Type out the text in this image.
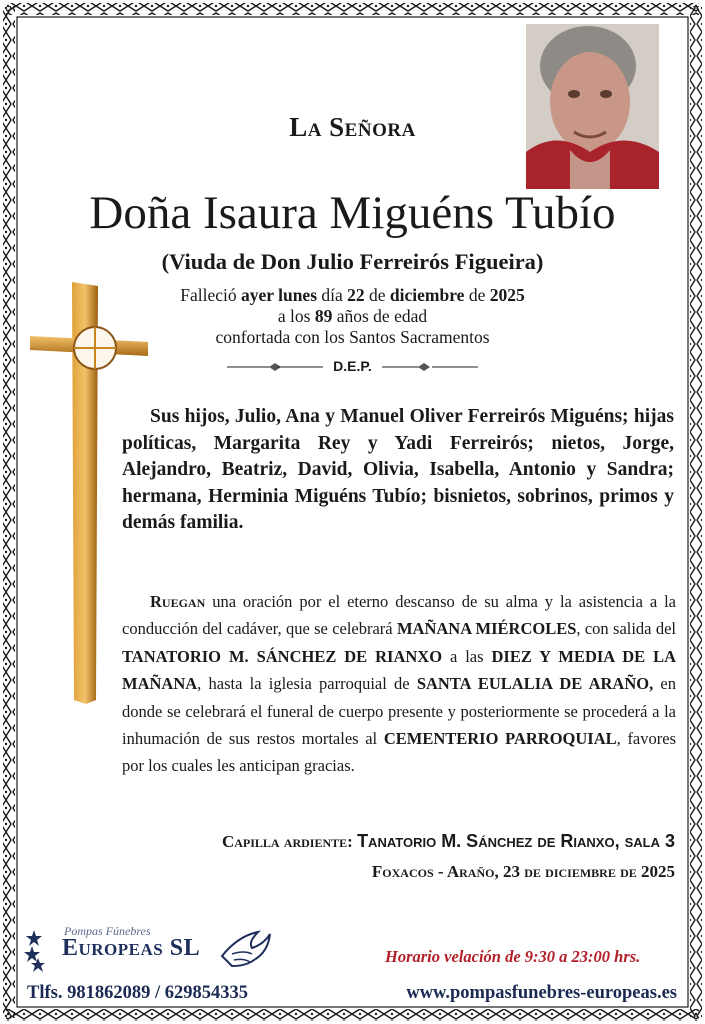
La Señora
Doña Isaura Miguéns Tubío
(Viuda de Don Julio Ferreirós Figueira)
Falleció ayer lunes día 22 de diciembre de 2025
a los 89 años de edad
confortada con los Santos Sacramentos
D.E.P.

Sus hijos, Julio, Ana y Manuel Oliver Ferreirós Miguéns; hijas políticas, Margarita Rey y Yadi Ferreirós; nietos, Jorge, Alejandro, Beatriz, David, Olivia, Isabella, Antonio y Sandra; hermana, Herminia Miguéns Tubío; bisnietos, sobrinos, primos y demás familia.

Ruegan una oración por el eterno descanso de su alma y la asistencia a la conducción del cadáver, que se celebrará MAÑANA MIÉRCOLES, con salida del TANATORIO M. SÁNCHEZ DE RIANXO a las DIEZ Y MEDIA DE LA MAÑANA, hasta la iglesia parroquial de SANTA EULALIA DE ARAÑO, en donde se celebrará el funeral de cuerpo presente y posteriormente se procederá a la inhumación de sus restos mortales al CEMENTERIO PARROQUIAL, favores por los cuales les anticipan gracias.

Capilla ardiente: Tanatorio M. Sánchez de Rianxo, sala 3
Foxacos - Araño, 23 de diciembre de 2025
Pompas Fúnebres
Europeas SL	Horario velación de 9:30 a 23:00 hrs.
Tlfs. 981862089 / 629854335	www.pompasfunebres-europeas.es
